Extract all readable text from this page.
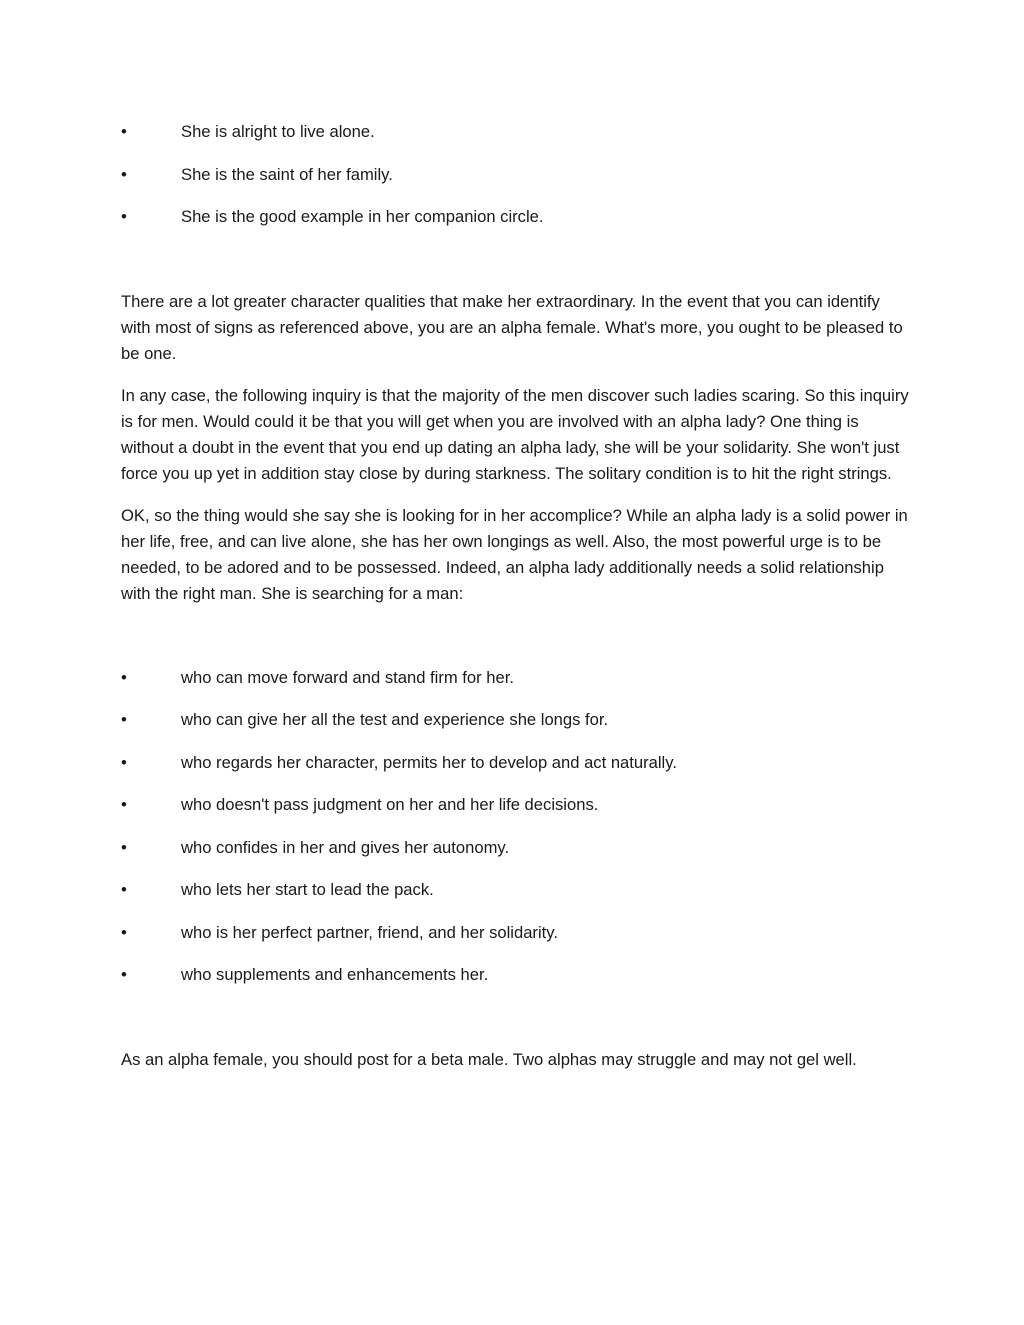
•	She is alright to live alone.
•	She is the saint of her family.
•	She is the good example in her companion circle.

There are a lot greater character qualities that make her extraordinary. In the event that you can identify with most of signs as referenced above, you are an alpha female. What's more, you ought to be pleased to be one.

In any case, the following inquiry is that the majority of the men discover such ladies scaring. So this inquiry is for men. Would could it be that you will get when you are involved with an alpha lady? One thing is without a doubt in the event that you end up dating an alpha lady, she will be your solidarity. She won't just force you up yet in addition stay close by during starkness. The solitary condition is to hit the right strings.

OK, so the thing would she say she is looking for in her accomplice? While an alpha lady is a solid power in her life, free, and can live alone, she has her own longings as well. Also, the most powerful urge is to be needed, to be adored and to be possessed. Indeed, an alpha lady additionally needs a solid relationship with the right man. She is searching for a man:

•	who can move forward and stand firm for her.
•	who can give her all the test and experience she longs for.
•	who regards her character, permits her to develop and act naturally.
•	who doesn't pass judgment on her and her life decisions.
•	who confides in her and gives her autonomy.
•	who lets her start to lead the pack.
•	who is her perfect partner, friend, and her solidarity.
•	who supplements and enhancements her.

As an alpha female, you should post for a beta male. Two alphas may struggle and may not gel well.
